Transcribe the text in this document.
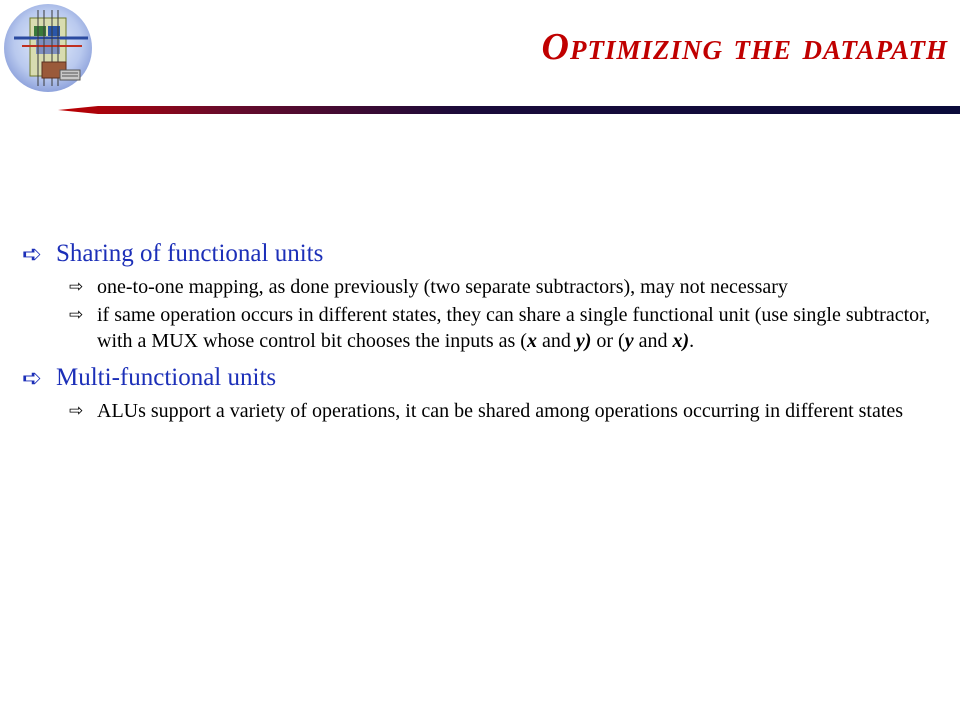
Optimizing the datapath
➪ Sharing of functional units
⇨ one-to-one mapping, as done previously (two separate subtractors), may not necessary
⇨ if same operation occurs in different states, they can share a single functional unit (use single subtractor, with a MUX whose control bit chooses the inputs as (x and y) or (y and x).
➪ Multi-functional units
⇨ ALUs support a variety of operations, it can be shared among operations occurring in different states
